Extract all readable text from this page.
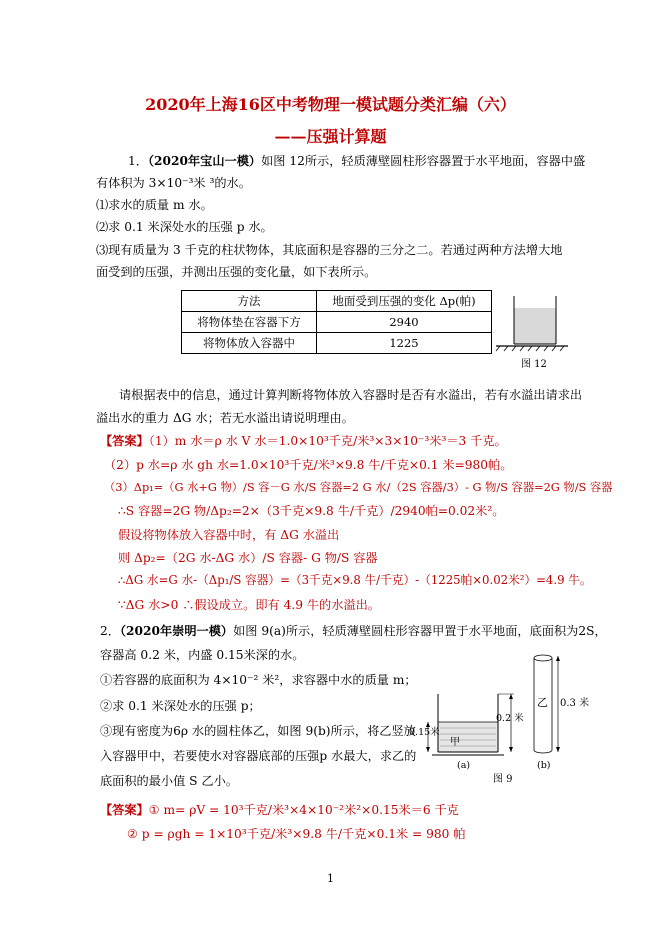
2020年上海16区中考物理一模试题分类汇编（六）
——压强计算题
1．（2020年宝山一模）如图 12所示，轻质薄壁圆柱形容器置于水平地面，容器中盛
有体积为 3×10⁻³米 ³的水。
⑴求水的质量 m 水。
⑵求 0.1 米深处水的压强 p 水。
⑶现有质量为 3 千克的柱状物体，其底面积是容器的三分之二。若通过两种方法增大地
面受到的压强，并测出压强的变化量，如下表所示。
方法	地面受到压强的变化 Δp(帕)
将物体垫在容器下方	2940
将物体放入容器中	1225
图 12
请根据表中的信息，通过计算判断将物体放入容器时是否有水溢出，若有水溢出请求出
溢出水的重力 ΔG 水；若无水溢出请说明理由。
【答案】（1）m 水＝ρ 水 V 水＝1.0×10³千克/米³×3×10⁻³米³＝3 千克。
（2）p 水=ρ 水 gh 水=1.0×10³千克/米³×9.8 牛/千克×0.1 米=980帕。
（3）Δp₁=（G 水+G 物）/S 容－G 水/S 容器=2 G 水/（2S 容器/3）- G 物/S 容器=2G 物/S 容器
∴S 容器=2G 物/Δp₂=2×（3千克×9.8 牛/千克）/2940帕=0.02米²。
假设将物体放入容器中时，有 ΔG 水溢出
则 Δp₂=（2G 水-ΔG 水）/S 容器- G 物/S 容器
∴ΔG 水=G 水-（Δp₁/S 容器）=（3千克×9.8 牛/千克）-（1225帕×0.02米²）=4.9 牛。
∵ΔG 水>0 ∴假设成立。即有 4.9 牛的水溢出。
2．（2020年崇明一模）如图 9(a)所示，轻质薄壁圆柱形容器甲置于水平地面，底面积为2S，
容器高 0.2 米，内盛 0.15米深的水。
①若容器的底面积为 4×10⁻² 米²，求容器中水的质量 m；
②求 0.1 米深处水的压强 p；
③现有密度为6ρ 水的圆柱体乙，如图 9(b)所示，将乙竖放
入容器甲中，若要使水对容器底部的压强p 水最大，求乙的
底面积的最小值 S 乙小。
0.15米
0.2 米
甲
乙 0.3 米
(a)	(b)
图 9
【答案】① m= ρV = 10³千克/米³×4×10⁻²米²×0.15米＝6 千克
② p = ρgh = 1×10³千克/米³×9.8 牛/千克×0.1米 = 980 帕
1
